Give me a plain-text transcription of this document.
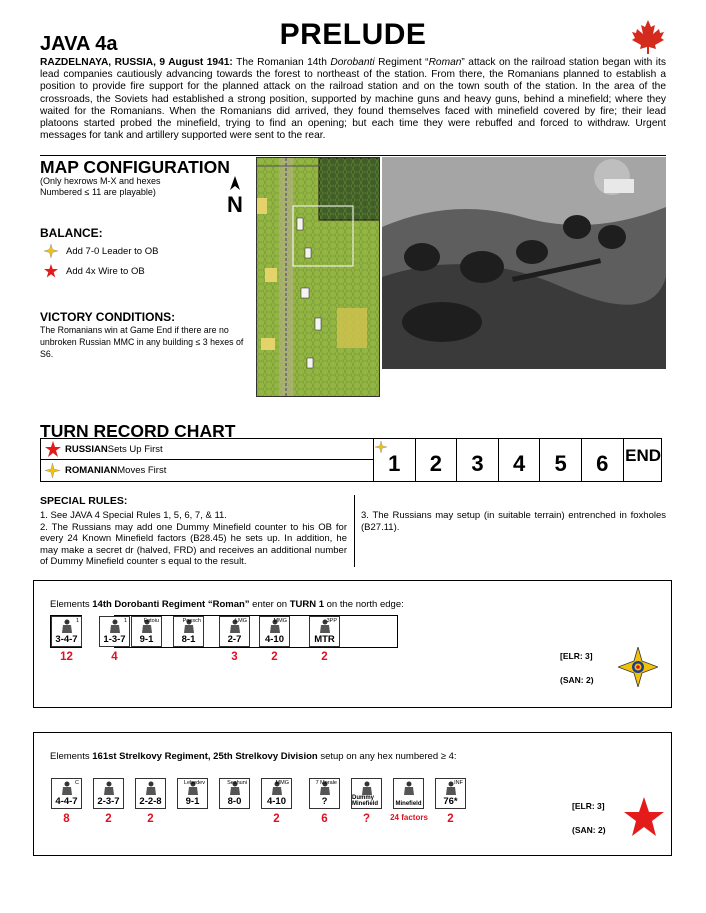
JAVA 4a	PRELUDE
RAZDELNAYA, RUSSIA, 9 August 1941: The Romanian 14th Dorobanti Regiment “Roman” attack on the railroad station began with its lead companies cautiously advancing towards the forest to northeast of the station. From there, the Romanians planned to establish a position to provide fire support for the planned attack on the railroad station and on the town south of the station. In the area of the crossroads, the Soviets had established a strong position, supported by machine guns and heavy guns, behind a minefield; where they waited for the Romanians. When the Romanians did arrived, they found themselves faced with minefield covered by fire; their lead platoons started probed the minefield, trying to find an opening; but each time they were rebuffed and forced to withdraw. Urgent messages for tank and artillery supported were sent to the rear.
MAP CONFIGURATION
(Only hexrows M-X and hexes
Numbered ≤ 11 are playable)	N
BALANCE:
Add 7-0 Leader to OB
Add 4x Wire to OB
VICTORY CONDITIONS:
The Romanians win at Game End if there are no unbroken Russian MMC in any building ≤ 3 hexes of S6.
TURN RECORD CHART
RUSSIAN Sets Up First
ROMANIAN Moves First	1	2	3	4	5	6 END
SPECIAL RULES:
1. See JAVA 4 Special Rules 1, 5, 6, 7, & 11.
2. The Russians may add one Dummy Minefield counter to his OB for every 24 Known Minefield factors (B28.45) he sets up. In addition, he may make a secret dr (halved, FRD) and receives an additional number of Dummy Minefield counter s equal to the result.
3. The Russians may setup (in suitable terrain) entrenched in foxholes (B27.11).
Elements 14th Dorobanti Regiment “Roman” enter on TURN 1 on the north edge:
1
3-4-7
12
1
1-3-7
4
Fotoiu
9-1
Poesch
8-1
LMG
2-7
3
MMG
4-10
2
3PP
MTR
2	[ELR: 3]
(SAN: 2)
Elements 161st Strelkovy Regiment, 25th Strelkovy Division setup on any hex numbered ≥ 4:
C
4-4-7
8
2-3-7
2
2-2-8
2
Lebedev
9-1
Seshuni
8-0
MMG
4-10
2
7 Morale
?
6
Dummy Minefield
?
Minefield
24 factors
INF
76*
2
[ELR: 3]
(SAN: 2)
